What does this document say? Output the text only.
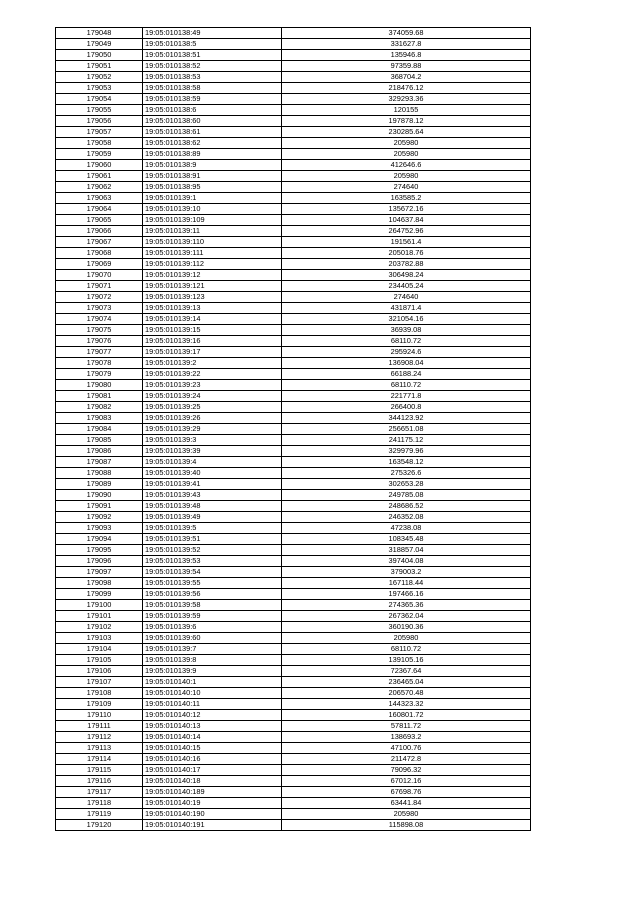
179048	19:05:010138:49	374059.68
179049	19:05:010138:5	331627.8
179050	19:05:010138:51	135946.8
179051	19:05:010138:52	97359.88
179052	19:05:010138:53	368704.2
179053	19:05:010138:58	218476.12
179054	19:05:010138:59	329293.36
179055	19:05:010138:6	120155
179056	19:05:010138:60	197878.12
179057	19:05:010138:61	230285.64
179058	19:05:010138:62	205980
179059	19:05:010138:89	205980
179060	19:05:010138:9	412646.6
179061	19:05:010138:91	205980
179062	19:05:010138:95	274640
179063	19:05:010139:1	163585.2
179064	19:05:010139:10	135672.16
179065	19:05:010139:109	104637.84
179066	19:05:010139:11	264752.96
179067	19:05:010139:110	191561.4
179068	19:05:010139:111	205018.76
179069	19:05:010139:112	203782.88
179070	19:05:010139:12	306498.24
179071	19:05:010139:121	234405.24
179072	19:05:010139:123	274640
179073	19:05:010139:13	431871.4
179074	19:05:010139:14	321054.16
179075	19:05:010139:15	36939.08
179076	19:05:010139:16	68110.72
179077	19:05:010139:17	295924.6
179078	19:05:010139:2	136908.04
179079	19:05:010139:22	66188.24
179080	19:05:010139:23	68110.72
179081	19:05:010139:24	221771.8
179082	19:05:010139:25	266400.8
179083	19:05:010139:26	344123.92
179084	19:05:010139:29	256651.08
179085	19:05:010139:3	241175.12
179086	19:05:010139:39	329979.96
179087	19:05:010139:4	163548.12
179088	19:05:010139:40	275326.6
179089	19:05:010139:41	302653.28
179090	19:05:010139:43	249785.08
179091	19:05:010139:48	248686.52
179092	19:05:010139:49	246352.08
179093	19:05:010139:5	47238.08
179094	19:05:010139:51	108345.48
179095	19:05:010139:52	318857.04
179096	19:05:010139:53	397404.08
179097	19:05:010139:54	379003.2
179098	19:05:010139:55	167118.44
179099	19:05:010139:56	197466.16
179100	19:05:010139:58	274365.36
179101	19:05:010139:59	267362.04
179102	19:05:010139:6	360190.36
179103	19:05:010139:60	205980
179104	19:05:010139:7	68110.72
179105	19:05:010139:8	139105.16
179106	19:05:010139:9	72367.64
179107	19:05:010140:1	236465.04
179108	19:05:010140:10	206570.48
179109	19:05:010140:11	144323.32
179110	19:05:010140:12	160801.72
179111	19:05:010140:13	57811.72
179112	19:05:010140:14	138693.2
179113	19:05:010140:15	47100.76
179114	19:05:010140:16	211472.8
179115	19:05:010140:17	79096.32
179116	19:05:010140:18	67012.16
179117	19:05:010140:189	67698.76
179118	19:05:010140:19	63441.84
179119	19:05:010140:190	205980
179120	19:05:010140:191	115898.08
